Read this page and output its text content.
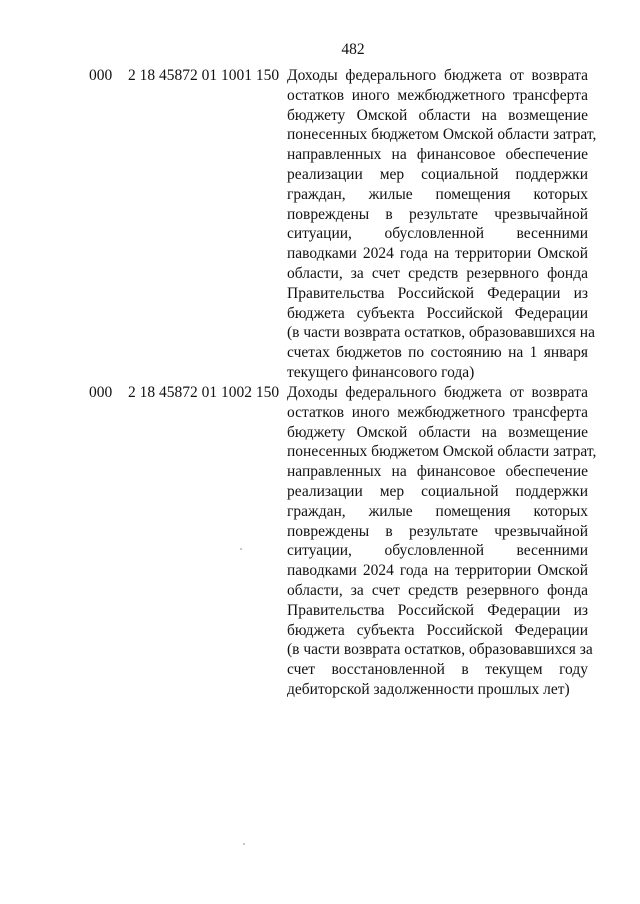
482
000 2 18 45872 01 1001 150 Доходы федерального бюджета от возврата
остатков иного межбюджетного трансферта
бюджету Омской области на возмещение
понесенных бюджетом Омской области затрат,
направленных на финансовое обеспечение
реализации мер социальной поддержки
граждан, жилые помещения которых
повреждены в результате чрезвычайной
ситуации, обусловленной весенними
паводками 2024 года на территории Омской
области, за счет средств резервного фонда
Правительства Российской Федерации из
бюджета субъекта Российской Федерации
(в части возврата остатков, образовавшихся на
счетах бюджетов по состоянию на 1 января
текущего финансового года)
000 2 18 45872 01 1002 150 Доходы федерального бюджета от возврата
остатков иного межбюджетного трансферта
бюджету Омской области на возмещение
понесенных бюджетом Омской области затрат,
направленных на финансовое обеспечение
реализации мер социальной поддержки
граждан, жилые помещения которых
повреждены в результате чрезвычайной
ситуации, обусловленной весенними
паводками 2024 года на территории Омской
области, за счет средств резервного фонда
Правительства Российской Федерации из
бюджета субъекта Российской Федерации
(в части возврата остатков, образовавшихся за
счет восстановленной в текущем году
дебиторской задолженности прошлых лет)
